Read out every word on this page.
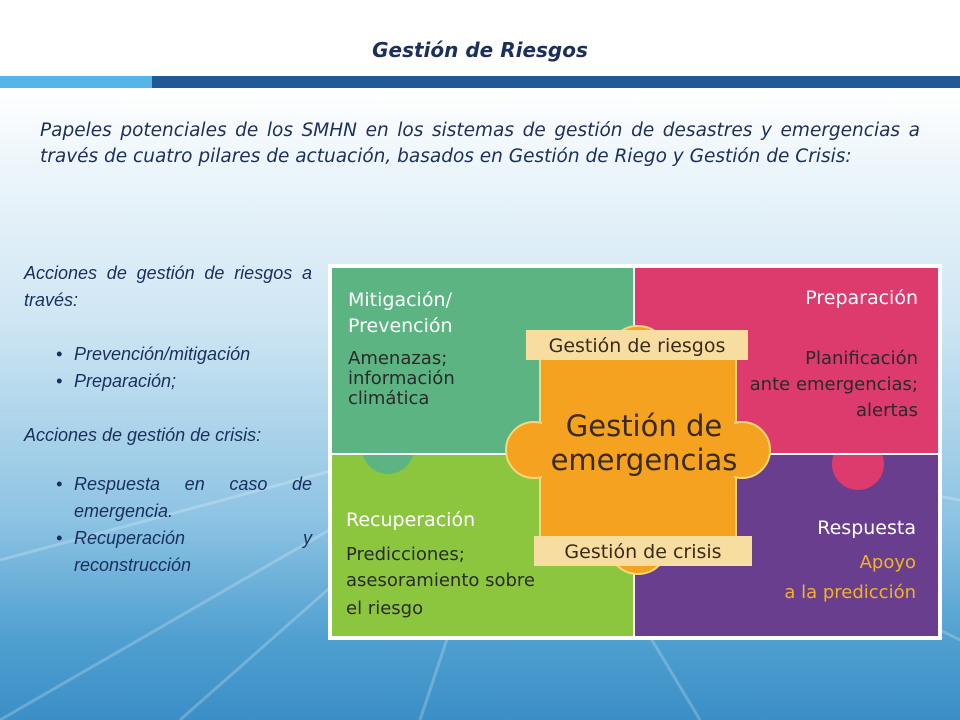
Gestión de Riesgos
Papeles potenciales de los SMHN en los sistemas de gestión de desastres y emergencias a través de cuatro pilares de actuación, basados en Gestión de Riego y Gestión de Crisis:

Acciones de gestión de riesgos a través:

• Prevención/mitigación
• Preparación;

Acciones de gestión de crisis:

• Respuesta en caso de emergencia.
• Recuperación y reconstrucción
Gestión de riesgos
Gestión de crisis
Gestión de
emergencias
Mitigación/
Prevención
Amenazas;
información
climática
Preparación
Planificación
ante emergencias;
alertas
Recuperación
Predicciones;
asesoramiento sobre
el riesgo
Respuesta
Apoyo
a la predicción
